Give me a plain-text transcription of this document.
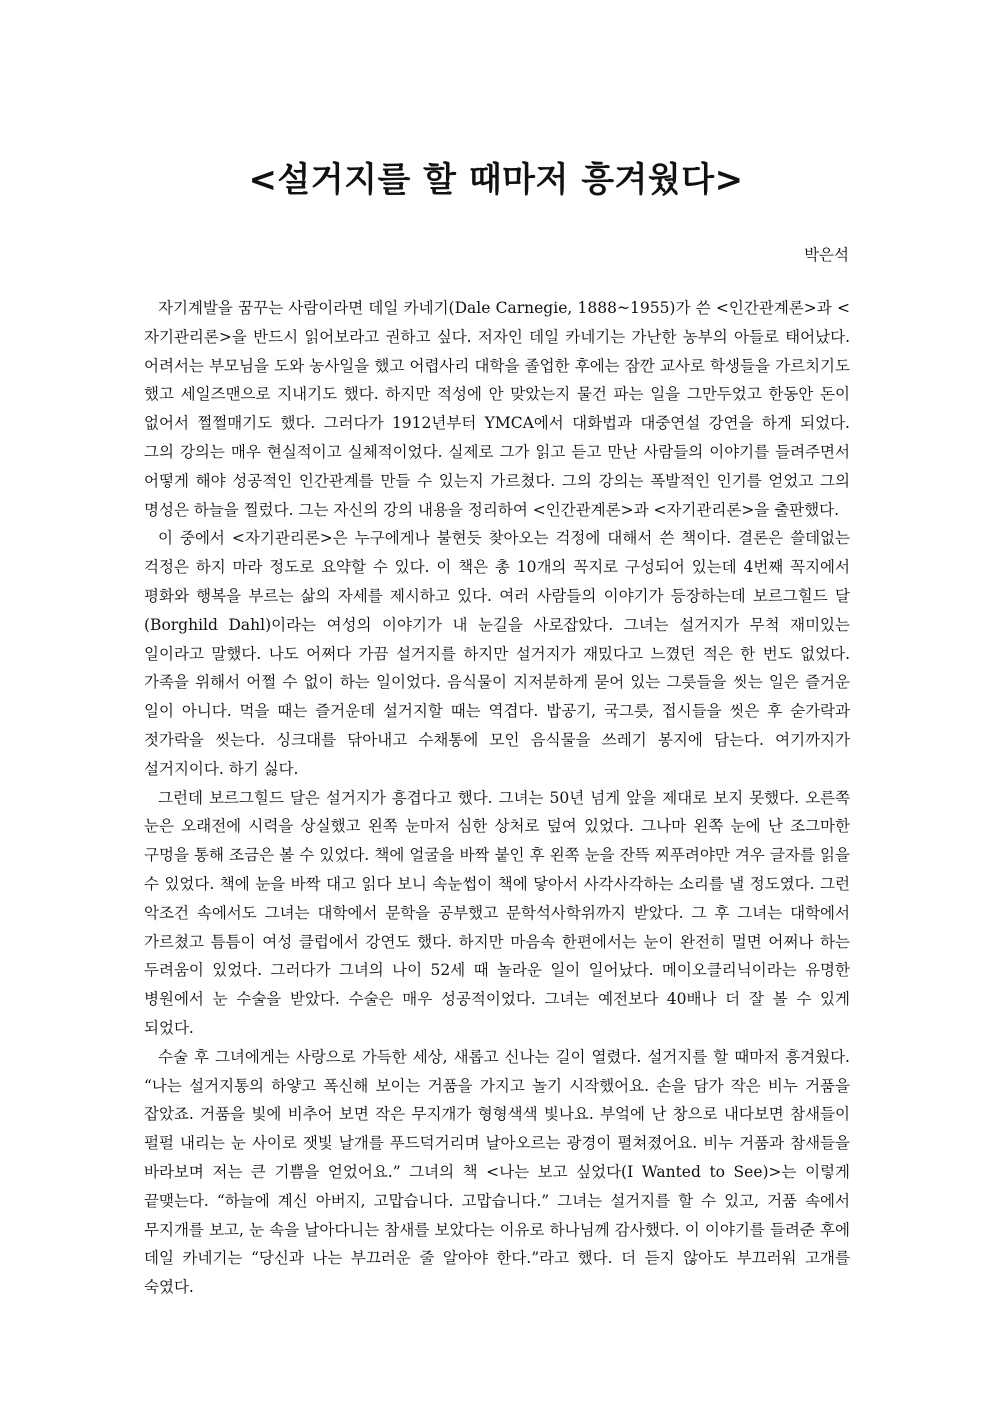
<설거지를 할 때마저 흥겨웠다>

박은석

자기계발을 꿈꾸는 사람이라면 데일 카네기(Dale Carnegie, 1888~1955)가 쓴 <인간관계론>과 <자기관리론>을 반드시 읽어보라고 권하고 싶다. 저자인 데일 카네기는 가난한 농부의 아들로 태어났다. 어려서는 부모님을 도와 농사일을 했고 어렵사리 대학을 졸업한 후에는 잠깐 교사로 학생들을 가르치기도 했고 세일즈맨으로 지내기도 했다. 하지만 적성에 안 맞았는지 물건 파는 일을 그만두었고 한동안 돈이 없어서 쩔쩔매기도 했다. 그러다가 1912년부터 YMCA에서 대화법과 대중연설 강연을 하게 되었다. 그의 강의는 매우 현실적이고 실체적이었다. 실제로 그가 읽고 듣고 만난 사람들의 이야기를 들려주면서 어떻게 해야 성공적인 인간관계를 만들 수 있는지 가르쳤다. 그의 강의는 폭발적인 인기를 얻었고 그의 명성은 하늘을 찔렀다. 그는 자신의 강의 내용을 정리하여 <인간관계론>과 <자기관리론>을 출판했다.

이 중에서 <자기관리론>은 누구에게나 불현듯 찾아오는 걱정에 대해서 쓴 책이다. 결론은 쓸데없는 걱정은 하지 마라 정도로 요약할 수 있다. 이 책은 총 10개의 꼭지로 구성되어 있는데 4번째 꼭지에서 평화와 행복을 부르는 삶의 자세를 제시하고 있다. 여러 사람들의 이야기가 등장하는데 보르그힐드 달(Borghild Dahl)이라는 여성의 이야기가 내 눈길을 사로잡았다. 그녀는 설거지가 무척 재미있는 일이라고 말했다. 나도 어쩌다 가끔 설거지를 하지만 설거지가 재밌다고 느꼈던 적은 한 번도 없었다. 가족을 위해서 어쩔 수 없이 하는 일이었다. 음식물이 지저분하게 묻어 있는 그릇들을 씻는 일은 즐거운 일이 아니다. 먹을 때는 즐거운데 설거지할 때는 역겹다. 밥공기, 국그릇, 접시들을 씻은 후 숟가락과 젓가락을 씻는다. 싱크대를 닦아내고 수채통에 모인 음식물을 쓰레기 봉지에 담는다. 여기까지가 설거지이다. 하기 싫다.

그런데 보르그힐드 달은 설거지가 흥겹다고 했다. 그녀는 50년 넘게 앞을 제대로 보지 못했다. 오른쪽 눈은 오래전에 시력을 상실했고 왼쪽 눈마저 심한 상처로 덮여 있었다. 그나마 왼쪽 눈에 난 조그마한 구멍을 통해 조금은 볼 수 있었다. 책에 얼굴을 바짝 붙인 후 왼쪽 눈을 잔뜩 찌푸려야만 겨우 글자를 읽을 수 있었다. 책에 눈을 바짝 대고 읽다 보니 속눈썹이 책에 닿아서 사각사각하는 소리를 낼 정도였다. 그런 악조건 속에서도 그녀는 대학에서 문학을 공부했고 문학석사학위까지 받았다. 그 후 그녀는 대학에서 가르쳤고 틈틈이 여성 클럽에서 강연도 했다. 하지만 마음속 한편에서는 눈이 완전히 멀면 어쩌나 하는 두려움이 있었다. 그러다가 그녀의 나이 52세 때 놀라운 일이 일어났다. 메이오클리닉이라는 유명한 병원에서 눈 수술을 받았다. 수술은 매우 성공적이었다. 그녀는 예전보다 40배나 더 잘 볼 수 있게 되었다.

수술 후 그녀에게는 사랑으로 가득한 세상, 새롭고 신나는 길이 열렸다. 설거지를 할 때마저 흥겨웠다. “나는 설거지통의 하얗고 폭신해 보이는 거품을 가지고 놀기 시작했어요. 손을 담가 작은 비누 거품을 잡았죠. 거품을 빛에 비추어 보면 작은 무지개가 형형색색 빛나요. 부엌에 난 창으로 내다보면 참새들이 펄펄 내리는 눈 사이로 잿빛 날개를 푸드덕거리며 날아오르는 광경이 펼쳐졌어요. 비누 거품과 참새들을 바라보며 저는 큰 기쁨을 얻었어요.” 그녀의 책 <나는 보고 싶었다(I Wanted to See)>는 이렇게 끝맺는다. “하늘에 계신 아버지, 고맙습니다. 고맙습니다.” 그녀는 설거지를 할 수 있고, 거품 속에서 무지개를 보고, 눈 속을 날아다니는 참새를 보았다는 이유로 하나님께 감사했다. 이 이야기를 들려준 후에 데일 카네기는 “당신과 나는 부끄러운 줄 알아야 한다.”라고 했다. 더 듣지 않아도 부끄러워 고개를 숙였다.
